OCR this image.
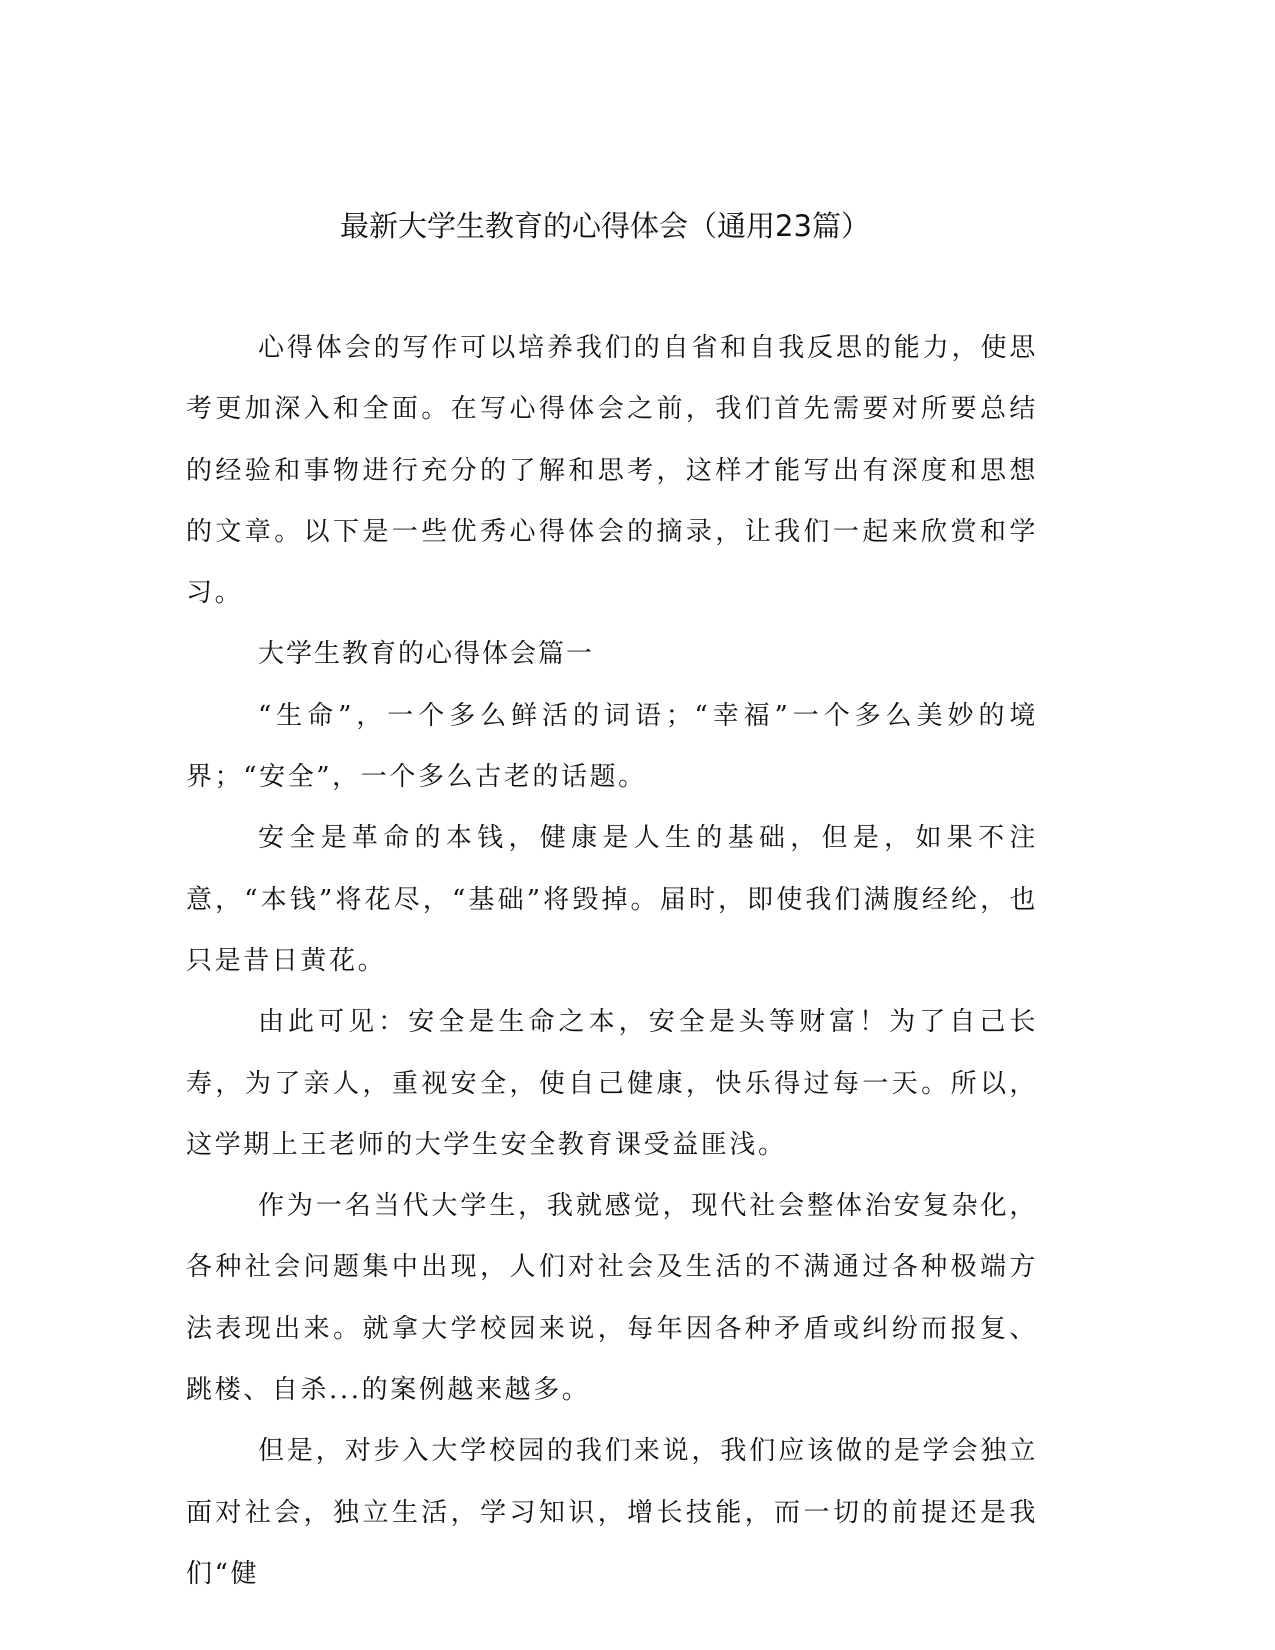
最新大学生教育的心得体会（通用23篇）

心得体会的写作可以培养我们的自省和自我反思的能力，使思考更加深入和全面。在写心得体会之前，我们首先需要对所要总结的经验和事物进行充分的了解和思考，这样才能写出有深度和思想的文章。以下是一些优秀心得体会的摘录，让我们一起来欣赏和学习。

大学生教育的心得体会篇一

“生命”，一个多么鲜活的词语；“幸福”一个多么美妙的境界；“安全”，一个多么古老的话题。

安全是革命的本钱，健康是人生的基础，但是，如果不注意，“本钱”将花尽，“基础”将毁掉。届时，即使我们满腹经纶，也只是昔日黄花。

由此可见：安全是生命之本，安全是头等财富！为了自己长寿，为了亲人，重视安全，使自己健康，快乐得过每一天。所以，这学期上王老师的大学生安全教育课受益匪浅。

作为一名当代大学生，我就感觉，现代社会整体治安复杂化，各种社会问题集中出现，人们对社会及生活的不满通过各种极端方法表现出来。就拿大学校园来说，每年因各种矛盾或纠纷而报复、跳楼、自杀...的案例越来越多。

但是，对步入大学校园的我们来说，我们应该做的是学会独立面对社会，独立生活，学习知识，增长技能，而一切的前提还是我们“健
